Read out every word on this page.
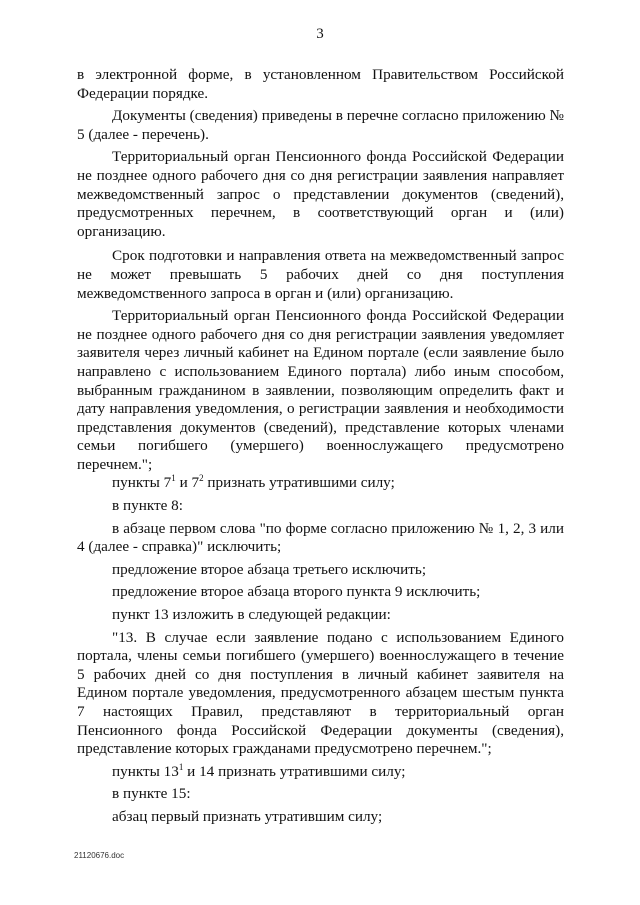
3

в электронной форме, в установленном Правительством Российской Федерации порядке.

Документы (сведения) приведены в перечне согласно приложению № 5 (далее - перечень).

Территориальный орган Пенсионного фонда Российской Федерации не позднее одного рабочего дня со дня регистрации заявления направляет межведомственный запрос о представлении документов (сведений), предусмотренных перечнем, в соответствующий орган и (или) организацию.

Срок подготовки и направления ответа на межведомственный запрос не может превышать 5 рабочих дней со дня поступления межведомственного запроса в орган и (или) организацию.

Территориальный орган Пенсионного фонда Российской Федерации не позднее одного рабочего дня со дня регистрации заявления уведомляет заявителя через личный кабинет на Едином портале (если заявление было направлено с использованием Единого портала) либо иным способом, выбранным гражданином в заявлении, позволяющим определить факт и дату направления уведомления, о регистрации заявления и необходимости представления документов (сведений), представление которых членами семьи погибшего (умершего) военнослужащего предусмотрено перечнем.";

пункты $7^1$ и $7^2$ признать утратившими силу;

в пункте 8:

в абзаце первом слова "по форме согласно приложению № 1, 2, 3 или 4 (далее - справка)" исключить;

предложение второе абзаца третьего исключить;

предложение второе абзаца второго пункта 9 исключить;

пункт 13 изложить в следующей редакции:

"13. В случае если заявление подано с использованием Единого портала, члены семьи погибшего (умершего) военнослужащего в течение 5 рабочих дней со дня поступления в личный кабинет заявителя на Едином портале уведомления, предусмотренного абзацем шестым пункта 7 настоящих Правил, представляют в территориальный орган Пенсионного фонда Российской Федерации документы (сведения), представление которых гражданами предусмотрено перечнем.";

пункты $13^1$ и 14 признать утратившими силу;

в пункте 15:

абзац первый признать утратившим силу;

21120676.doc
